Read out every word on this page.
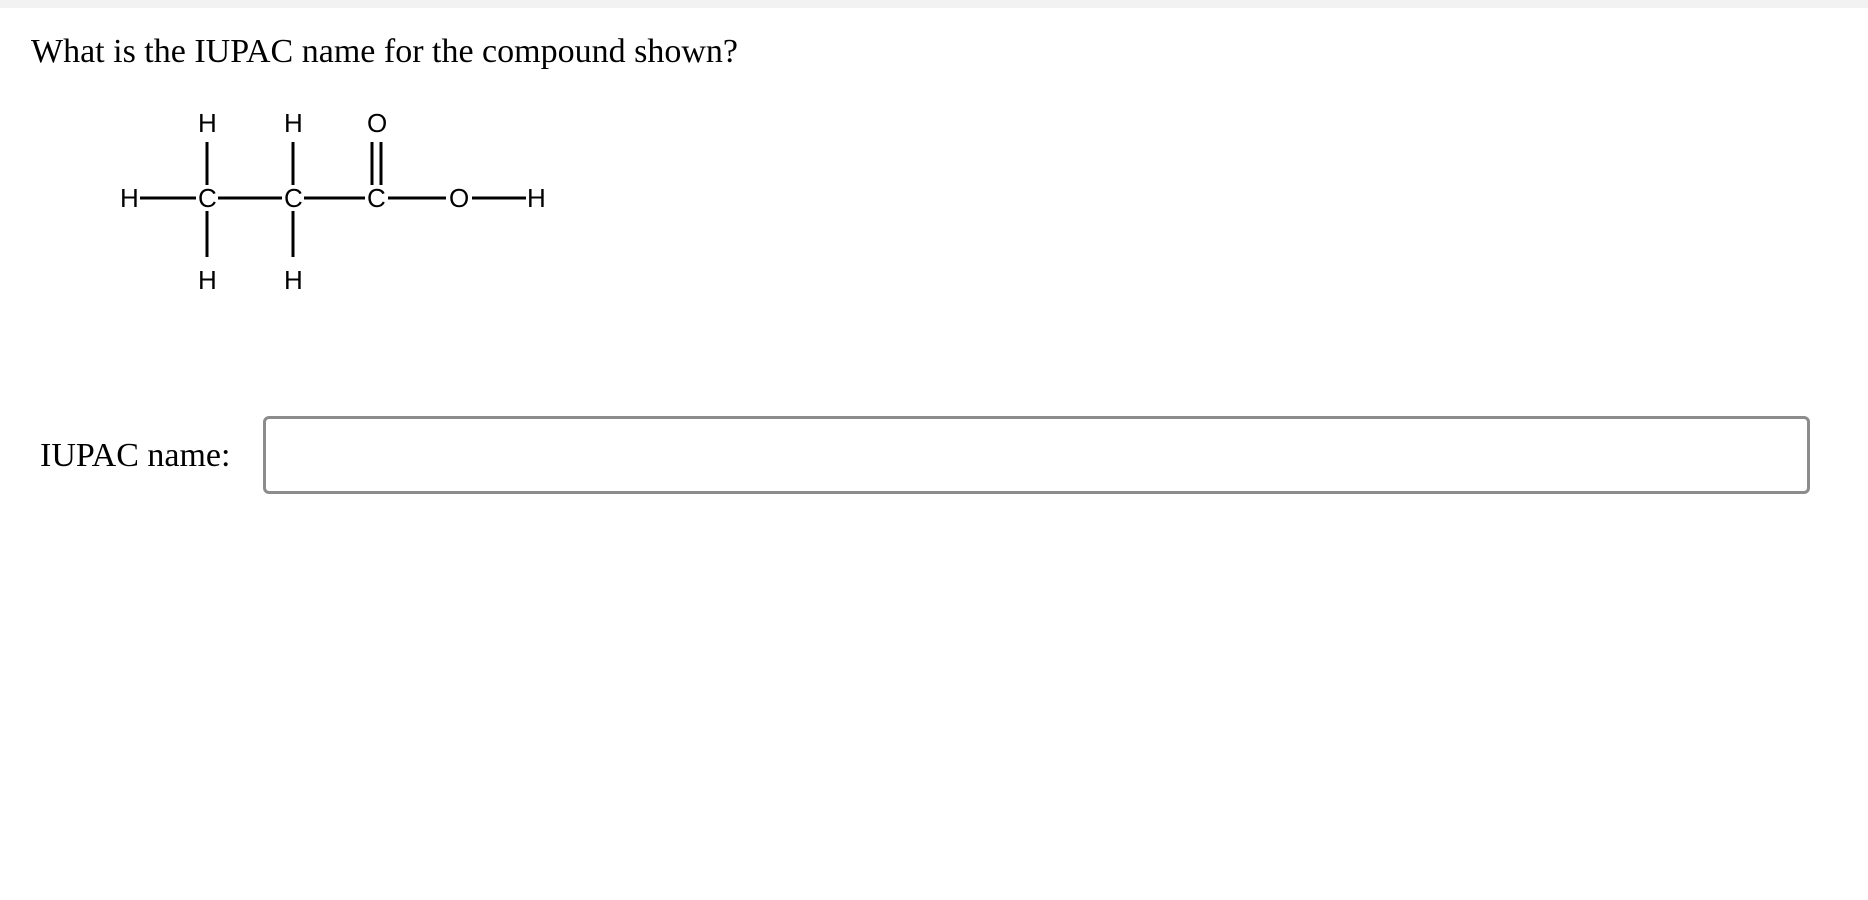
What is the IUPAC name for the compound shown?
H C	C C O H
H	H O
H	H
IUPAC name:
